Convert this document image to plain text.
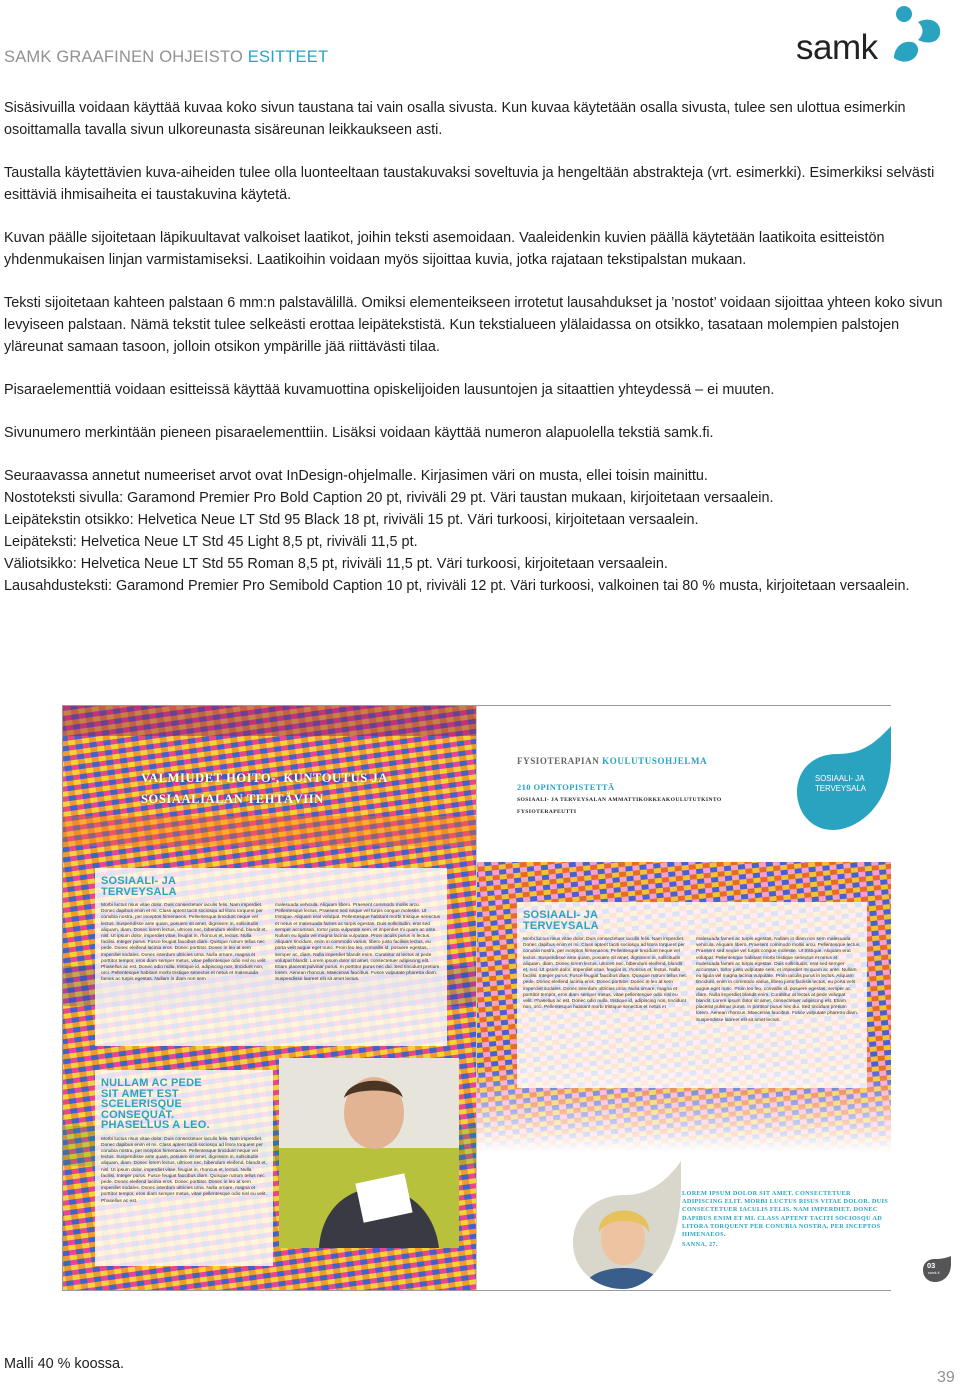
SAMK GRAAFINEN OHJEISTO ESITTEET	samk

Sisäsivuilla voidaan käyttää kuvaa koko sivun taustana tai vain osalla sivusta. Kun kuvaa käytetään osalla sivusta, tulee sen ulottua esimerkin osoittamalla tavalla sivun ulkoreunasta sisäreunan leikkaukseen asti.

Taustalla käytettävien kuva-aiheiden tulee olla luonteeltaan taustakuvaksi soveltuvia ja hengeltään abstrakteja (vrt. esimerkki). Esimerkiksi selvästi esittäviä ihmisaiheita ei taustakuvina käytetä.

Kuvan päälle sijoitetaan läpikuultavat valkoiset laatikot, joihin teksti asemoidaan. Vaaleidenkin kuvien päällä käytetään laatikoita esitteistön yhdenmukaisen linjan varmistamiseksi. Laatikoihin voidaan myös sijoittaa kuvia, jotka rajataan tekstipalstan mukaan.

Teksti sijoitetaan kahteen palstaan 6 mm:n palstavälillä. Omiksi elementeikseen irrotetut lausahdukset ja ’nostot’ voidaan sijoittaa yhteen koko sivun levyiseen palstaan. Nämä tekstit tulee selkeästi erottaa leipätekstistä. Kun tekstialueen ylälaidassa on otsikko, tasataan molempien palstojen yläreunat samaan tasoon, jolloin otsikon ympärille jää riittävästi tilaa.

Pisaraelementtiä voidaan esitteissä käyttää kuvamuottina opiskelijoiden lausuntojen ja sitaattien yhteydessä – ei muuten.

Sivunumero merkintään pieneen pisaraelementtiin. Lisäksi voidaan käyttää numeron alapuolella tekstiä samk.fi.

Seuraavassa annetut numeeriset arvot ovat InDesign-ohjelmalle. Kirjasimen väri on musta, ellei toisin mainittu.

Nostoteksti sivulla: Garamond Premier Pro Bold Caption 20 pt, riviväli 29 pt. Väri taustan mukaan, kirjoitetaan versaalein.

Leipätekstin otsikko: Helvetica Neue LT Std 95 Black 18 pt, riviväli 15 pt. Väri turkoosi, kirjoitetaan versaalein.

Leipäteksti: Helvetica Neue LT Std 45 Light 8,5 pt, riviväli 11,5 pt.

Väliotsikko: Helvetica Neue LT Std 55 Roman 8,5 pt, riviväli 11,5 pt. Väri turkoosi, kirjoitetaan versaalein.

Lausahdusteksti: Garamond Premier Pro Semibold Caption 10 pt, riviväli 12 pt. Väri turkoosi, valkoinen tai 80 % musta, kirjoitetaan versaalein.

VALMIUDET HOITO-, KUNTOUTUS JA
SOSIAALIALAN TEHTÄVIIN
SOSIAALI- JA
TERVEYSALA
Morbi luctus risus vitae dolor. Duis consectetuer iaculis felis. Nam imperdiet. Donec dapibus enim et mi. Class aptent taciti sociosqu ad litora torquent per conubia nostra, per inceptos himenaeos. Pellentesque tincidunt neque vel lectus. Suspendisse ante quam, posuere sit amet, dignissim in, sollicitudin aliquam, diam. Donec lorem lectus, ultrices nec, bibendum eleifend, blandit et, nisl. Ut ipsum dolor, imperdiet vitae, feugiat in, rhoncus et, lectus. Nulla facilisi. Integer purus. Fusce feugiat faucibus diam. Quisque rutrum tellus nec pede. Donec eleifend lacinia eros. Donec porttitor. Donec in leo at sem imperdiet sodales. Donec interdum ultricies urna. Nulla ornare, magna et porttitor tempor, eros diam semper metus, vitae pellentesque odio nisl eu velit. Phasellus ac est. Donec odio nulla, tristique id, adipiscing non, tincidunt non, orci. Pellentesque habitant morbi tristique senectus et netus et malesuada fames ac turpis egestas. Nullam in diam non sem
malesuada vehicula. Aliquam libero. Praesent commodo mollis arcu. Pellentesque lectus. Praesent sed neque vel turpis congue molestie. Ut tristique. Aliquam erat volutpat. Pellentesque habitant morbi tristique senectus et netus et malesuada fames ac turpis egestas. Duis sollicitudin, erat sed semper accumsan, tortor justo vulputate sem, et imperdiet mi quam ac ante. Nullam eu ligula vel magna lacinia vulputate. Proin iaculis purus in lectus. Aliquam tincidunt, enim in commodo varius, libero justo facilisis lectus, eu porta velit augue eget nunc. Proin leo leo, convallis id, posuere egestas, semper ac, diam. Nulla imperdiet blandit enim. Curabitur at lectus at pede volutpat blandit. Lorem ipsum dolor sit amet, consectetuer adipiscing elit. Etiam placerat pulvinar purus. In porttitor purus nec dui. Sed tincidunt pretium lorem. Aenean rhoncus. Maecenas faucibus. Fusce vulputate pharetra diam. Suspendisse laoreet elit sit amet lectus.
NULLAM AC PEDE
SIT AMET EST
SCELERISQUE
CONSEQUAT.
PHASELLUS A LEO.
Morbi luctus risus vitae dolor. Duis consectetuer iaculis felis. Nam imperdiet. Donec dapibus enim et mi. Class aptent taciti sociosqu ad litora torquent per conubia nostra, per inceptos himenaeos. Pellentesque tincidunt neque vel lectus. Suspendisse ante quam, posuere sit amet, dignissim in, sollicitudin aliquam, diam. Donec lorem lectus, ultrices nec, bibendum eleifend, blandit et, nisl. Ut ipsum dolor, imperdiet vitae, feugiat in, rhoncus et, lectus. Nulla facilisi. Integer purus. Fusce feugiat faucibus diam. Quisque rutrum tellus nec pede. Donec eleifend lacinia eros. Donec porttitor. Donec in leo at sem imperdiet sodales. Donec interdum ultricies urna. Nulla ornare, magna et porttitor tempor, eros diam semper metus, vitae pellentesque odio nisl eu velit. Phasellus ac est.
FYSIOTERAPIAN KOULUTUSOHJELMA
210 OPINTOPISTETTÄ
SOSIAALI- JA TERVEYSALAN AMMATTIKORKEAKOULUTUTKINTO
FYSIOTERAPEUTTI
SOSIAALI- JA
TERVEYSALA
SOSIAALI- JA
TERVEYSALA
Morbi luctus risus vitae dolor. Duis consectetuer iaculis felis. Nam imperdiet. Donec dapibus enim et mi. Class aptent taciti sociosqu ad litora torquent per conubia nostra, per inceptos himenaeos. Pellentesque tincidunt neque vel lectus. Suspendisse ante quam, posuere sit amet, dignissim in, sollicitudin aliquam, diam. Donec lorem lectus, ultrices nec, bibendum eleifend, blandit et, nisl. Ut ipsum dolor, imperdiet vitae, feugiat in, rhoncus et, lectus. Nulla facilisi. Integer purus. Fusce feugiat faucibus diam. Quisque rutrum tellus nec pede. Donec eleifend lacinia eros. Donec porttitor. Donec in leo at sem imperdiet sodales. Donec interdum ultricies urna. Nulla ornare, magna et porttitor tempor, eros diam semper metus, vitae pellentesque odio nisl eu velit. Phasellus ac est. Donec odio nulla, tristique id, adipiscing non, tincidunt non, orci. Pellentesque habitant morbi tristique senectus et netus et
malesuada fames ac turpis egestas. Nullam in diam non sem malesuada vehicula. Aliquam libero. Praesent commodo mollis arcu. Pellentesque lectus. Praesent sed neque vel turpis congue molestie. Ut tristique. Aliquam erat volutpat. Pellentesque habitant morbi tristique senectus et netus et malesuada fames ac turpis egestas. Duis sollicitudin, erat sed semper accumsan, tortor justo vulputate sem, et imperdiet mi quam ac ante. Nullam eu ligula vel magna lacinia vulputate. Proin iaculis purus in lectus. Aliquam tincidunt, enim in commodo varius, libero justo facilisis lectus, eu porta velit augue eget nunc. Proin leo leo, convallis id, posuere egestas, semper ac, diam. Nulla imperdiet blandit enim. Curabitur at lectus at pede volutpat blandit. Lorem ipsum dolor sit amet, consectetuer adipiscing elit. Etiam placerat pulvinar purus. In porttitor purus nec dui. Sed tincidunt pretium lorem. Aenean rhoncus. Maecenas faucibus. Fusce vulputate pharetra diam. Suspendisse laoreet elit sit amet lectus.
LOREM IPSUM DOLOR SIT AMET, CONSECTETUER ADIPISCING ELIT. MORBI LUCTUS RISUS VITAE DOLOR. DUIS CONSECTETUER IACULIS FELIS. NAM IMPERDIET. DONEC DAPIBUS ENIM ET MI. CLASS APTENT TACITI SOCIOSQU AD LITORA TORQUENT PER CONUBIA NOSTRA, PER INCEPTOS HIMENAEOS.
SANNA, 27.
03
samk.fi
Malli 40 % koossa.
39
